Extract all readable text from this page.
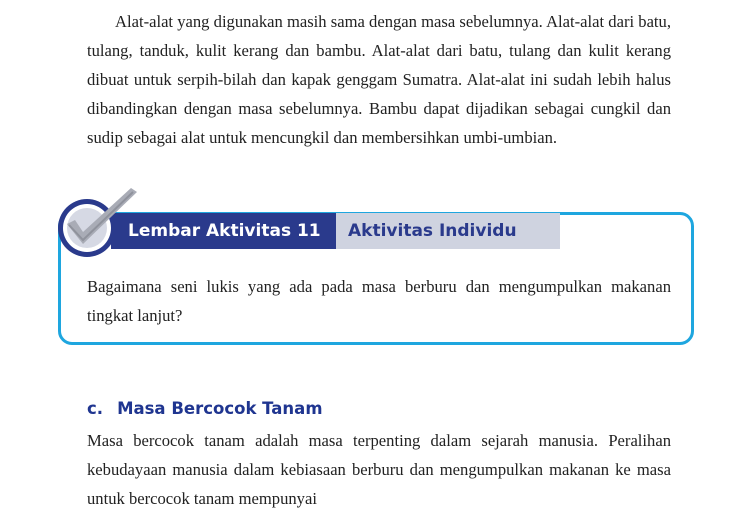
Alat-alat yang digunakan masih sama dengan masa sebelumnya. Alat-alat dari batu, tulang, tanduk, kulit kerang dan bambu. Alat-alat dari batu, tulang dan kulit kerang dibuat untuk serpih-bilah dan kapak genggam Sumatra. Alat-alat ini sudah lebih halus dibandingkan dengan masa sebelumnya. Bambu dapat dijadikan sebagai cungkil dan sudip sebagai alat untuk mencungkil dan membersihkan umbi-umbian.

Lembar Aktivitas 11	Aktivitas Individu

Bagaimana seni lukis yang ada pada masa berburu dan mengumpulkan makanan tingkat lanjut?

c. Masa Bercocok Tanam

Masa bercocok tanam adalah masa terpenting dalam sejarah manusia. Peralihan kebudayaan manusia dalam kebiasaan berburu dan mengumpulkan makanan ke masa untuk bercocok tanam mempunyai
